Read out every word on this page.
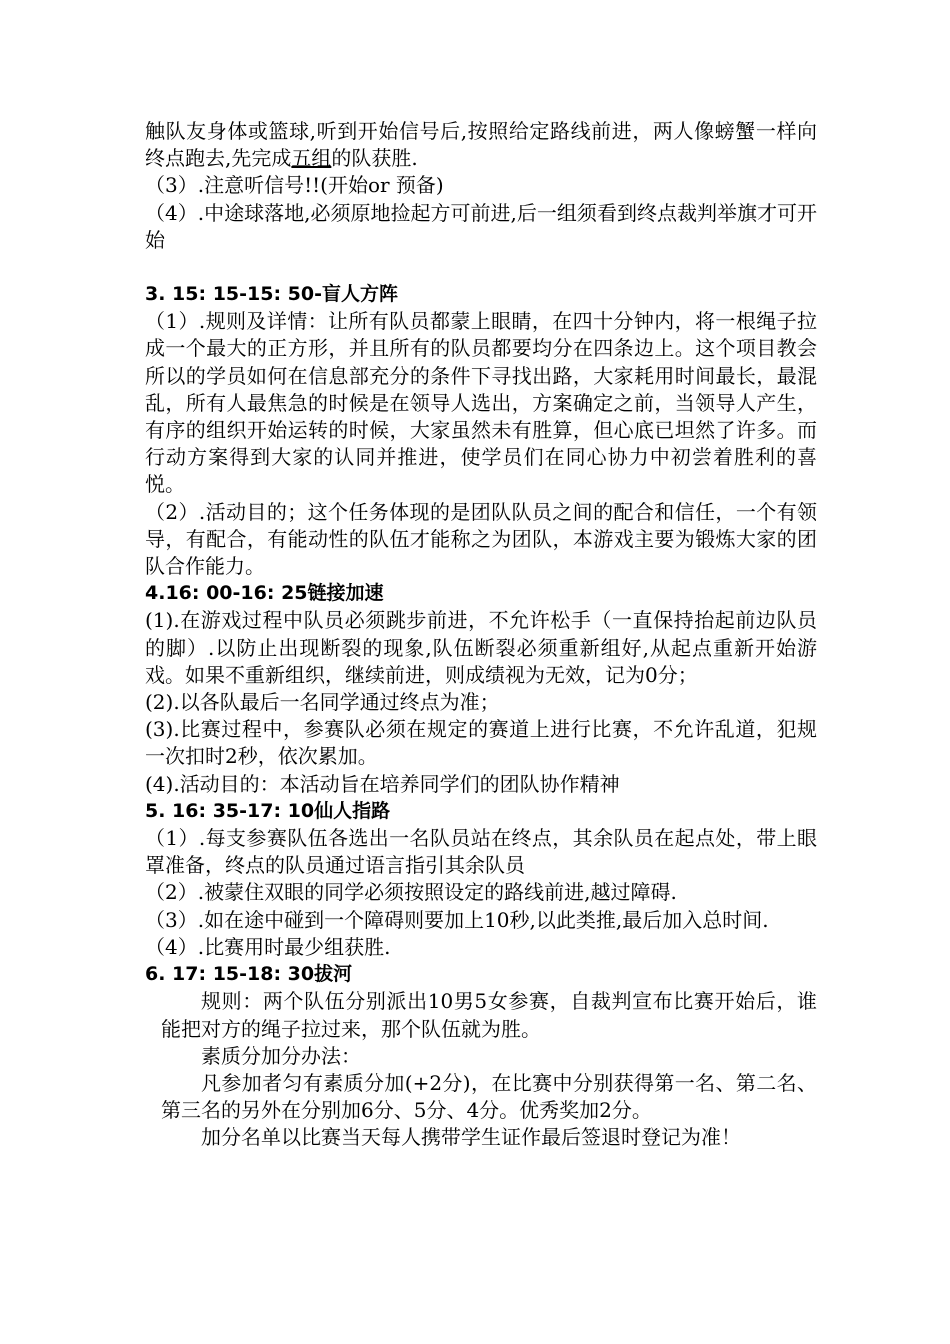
触队友身体或篮球,听到开始信号后,按照给定路线前进，两人像螃蟹一样向终点跑去,先完成五组的队获胜.

（3）.注意听信号!!(开始or 预备)

（4）.中途球落地,必须原地捡起方可前进,后一组须看到终点裁判举旗才可开始

3. 15: 15-15: 50-盲人方阵

（1）.规则及详情：让所有队员都蒙上眼睛，在四十分钟内，将一根绳子拉成一个最大的正方形，并且所有的队员都要均分在四条边上。这个项目教会所以的学员如何在信息部充分的条件下寻找出路，大家耗用时间最长，最混乱，所有人最焦急的时候是在领导人选出，方案确定之前，当领导人产生，有序的组织开始运转的时候，大家虽然未有胜算，但心底已坦然了许多。而行动方案得到大家的认同并推进，使学员们在同心协力中初尝着胜利的喜悦。

（2）.活动目的；这个任务体现的是团队队员之间的配合和信任，一个有领导，有配合，有能动性的队伍才能称之为团队，本游戏主要为锻炼大家的团队合作能力。

4.16: 00-16: 25链接加速

(1).在游戏过程中队员必须跳步前进，不允许松手（一直保持抬起前边队员的脚）.以防止出现断裂的现象,队伍断裂必须重新组好,从起点重新开始游戏。如果不重新组织，继续前进，则成绩视为无效，记为0分；

(2).以各队最后一名同学通过终点为准；

(3).比赛过程中，参赛队必须在规定的赛道上进行比赛，不允许乱道，犯规一次扣时2秒，依次累加。

(4).活动目的：本活动旨在培养同学们的团队协作精神

5. 16: 35-17: 10仙人指路

（1）.每支参赛队伍各选出一名队员站在终点，其余队员在起点处，带上眼罩准备，终点的队员通过语言指引其余队员

（2）.被蒙住双眼的同学必须按照设定的路线前进,越过障碍.

（3）.如在途中碰到一个障碍则要加上10秒,以此类推,最后加入总时间.

（4）.比赛用时最少组获胜.

6. 17: 15-18: 30拔河

规则：两个队伍分别派出10男5女参赛，自裁判宣布比赛开始后，谁能把对方的绳子拉过来，那个队伍就为胜。

素质分加分办法：

凡参加者匀有素质分加(+2分)，在比赛中分别获得第一名、第二名、第三名的另外在分别加6分、5分、4分。优秀奖加2分。

加分名单以比赛当天每人携带学生证作最后签退时登记为准！
